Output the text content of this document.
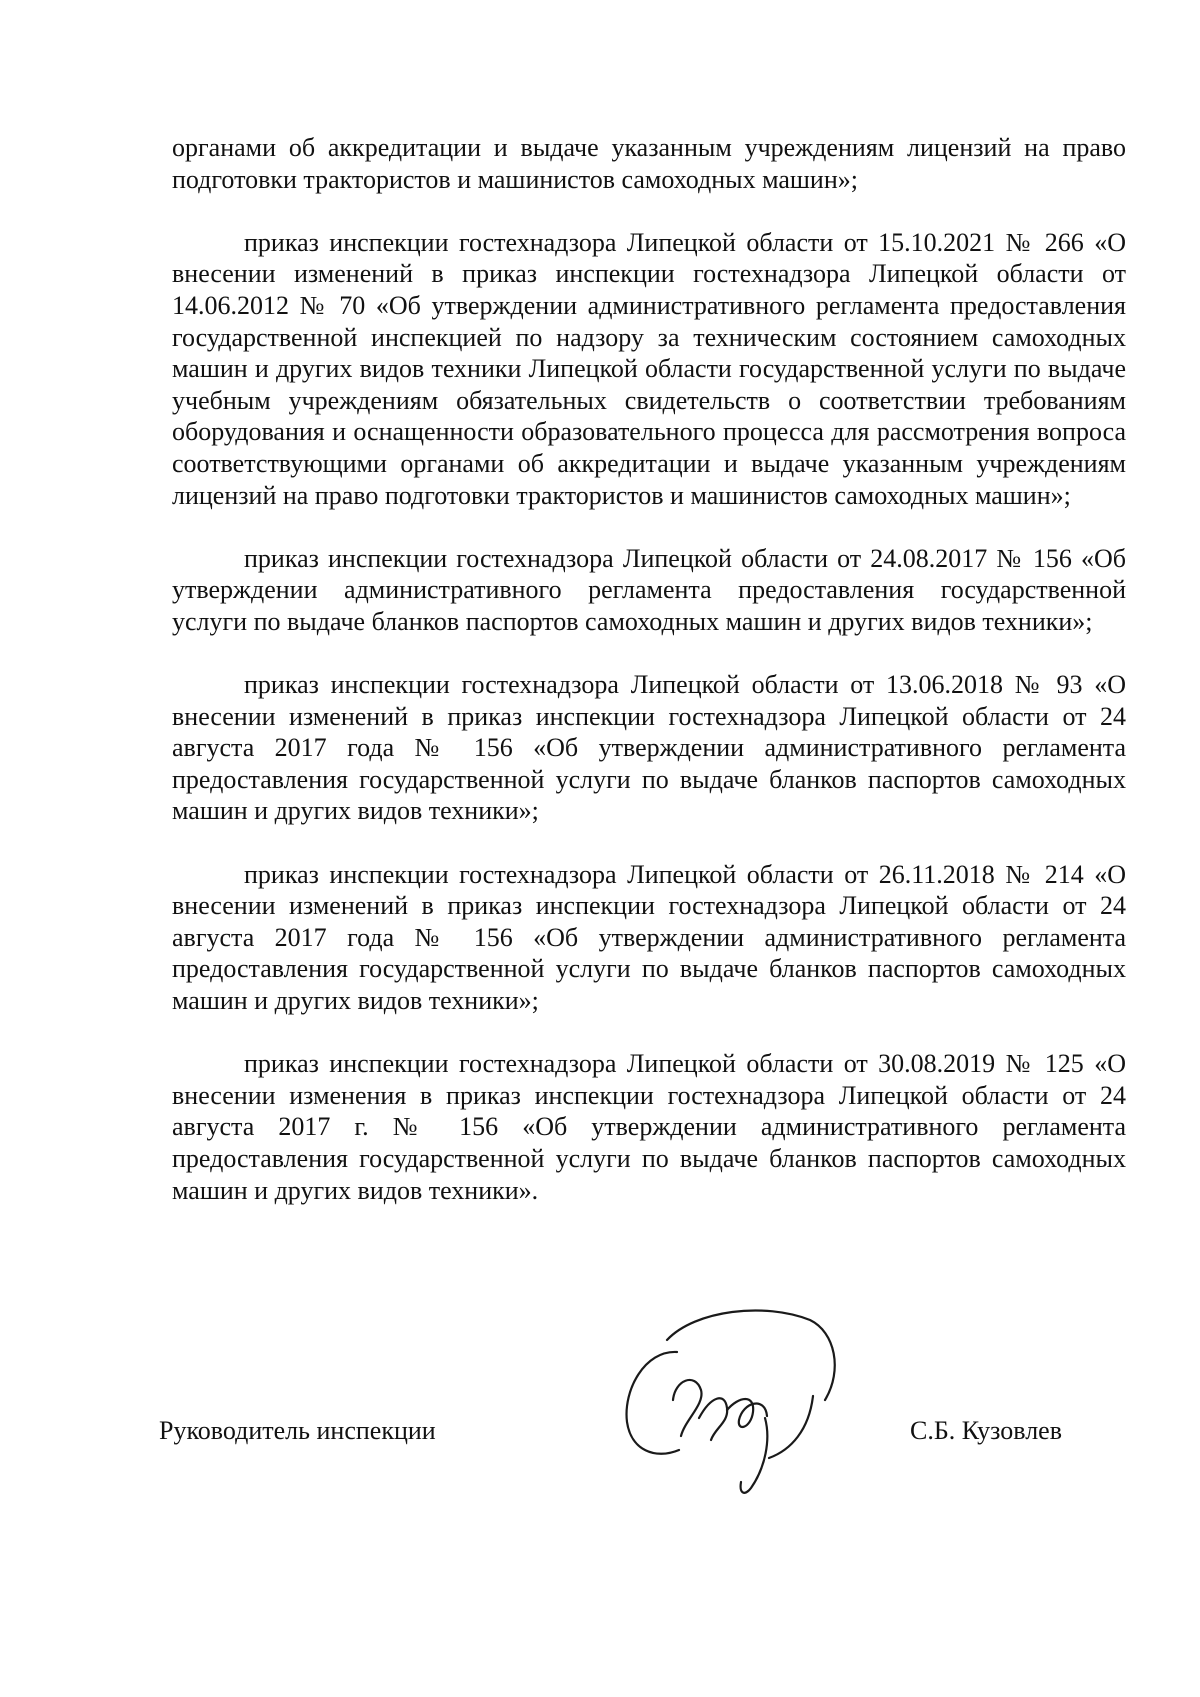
органами об аккредитации и выдаче указанным учреждениям лицензий на право подготовки трактористов и машинистов самоходных машин»;

приказ инспекции гостехнадзора Липецкой области от 15.10.2021 № 266 «О внесении изменений в приказ инспекции гостехнадзора Липецкой области от 14.06.2012 № 70 «Об утверждении административного регламента предоставления государственной инспекцией по надзору за техническим состоянием самоходных машин и других видов техники Липецкой области государственной услуги по выдаче учебным учреждениям обязательных свидетельств о соответствии требованиям оборудования и оснащенности образовательного процесса для рассмотрения вопроса соответствующими органами об аккредитации и выдаче указанным учреждениям лицензий на право подготовки трактористов и машинистов самоходных машин»;

приказ инспекции гостехнадзора Липецкой области от 24.08.2017 № 156 «Об утверждении административного регламента предоставления государственной услуги по выдаче бланков паспортов самоходных машин и других видов техники»;

приказ инспекции гостехнадзора Липецкой области от 13.06.2018 № 93 «О внесении изменений в приказ инспекции гостехнадзора Липецкой области от 24 августа 2017 года № 156 «Об утверждении административного регламента предоставления государственной услуги по выдаче бланков паспортов самоходных машин и других видов техники»;

приказ инспекции гостехнадзора Липецкой области от 26.11.2018 № 214 «О внесении изменений в приказ инспекции гостехнадзора Липецкой области от 24 августа 2017 года № 156 «Об утверждении административного регламента предоставления государственной услуги по выдаче бланков паспортов самоходных машин и других видов техники»;

приказ инспекции гостехнадзора Липецкой области от 30.08.2019 № 125 «О внесении изменения в приказ инспекции гостехнадзора Липецкой области от 24 августа 2017 г. № 156 «Об утверждении административного регламента предоставления государственной услуги по выдаче бланков паспортов самоходных машин и других видов техники».

Руководитель инспекции	С.Б. Кузовлев
